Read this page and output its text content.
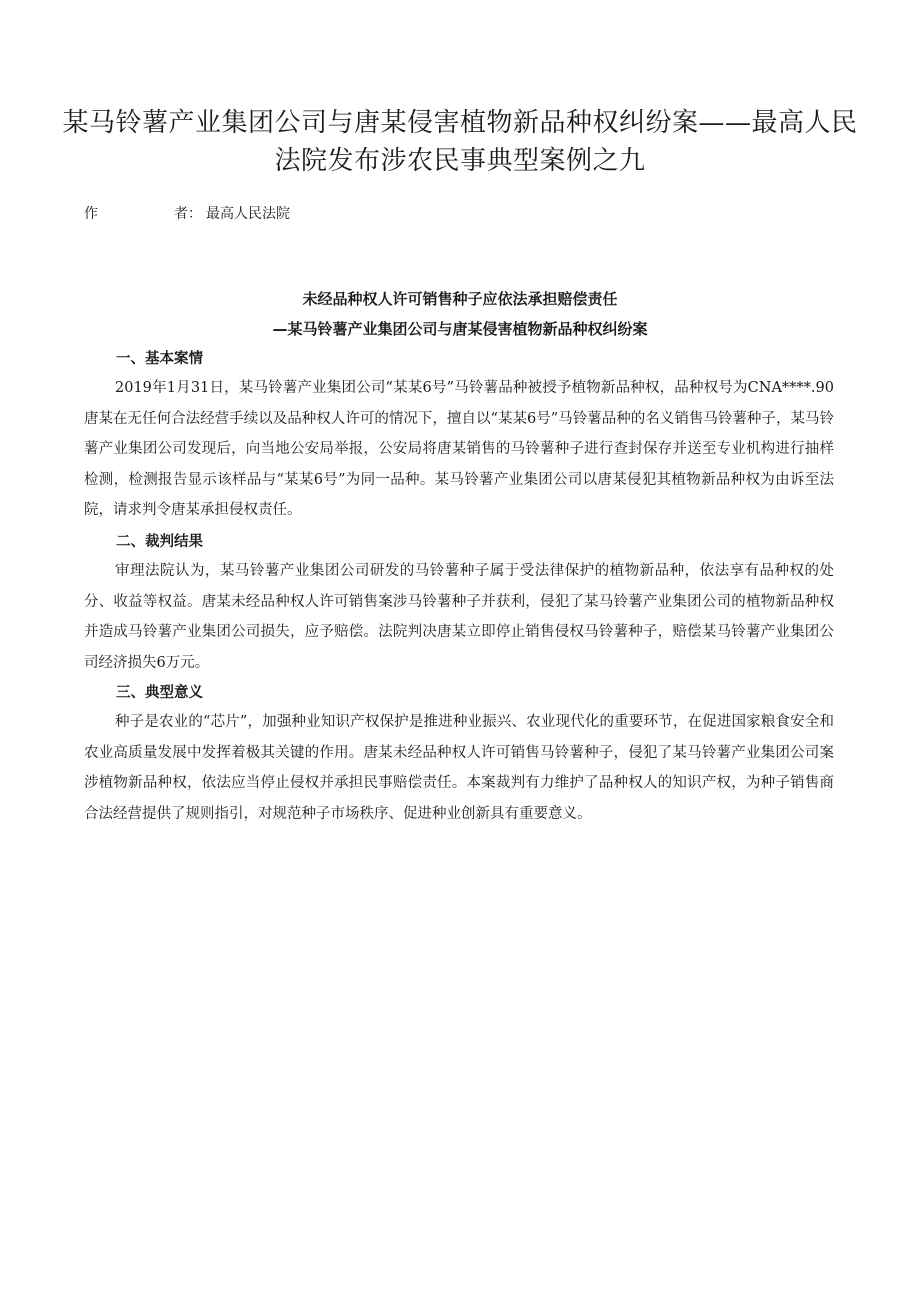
某马铃薯产业集团公司与唐某侵害植物新品种权纠纷案——最高人民法院发布涉农民事典型案例之九
作	者 ： 最高人民法院
未经品种权人许可销售种子应依法承担赔偿责任
—某马铃薯产业集团公司与唐某侵害植物新品种权纠纷案
一、基本案情

2019年1月31日，某马铃薯产业集团公司“某某6号”马铃薯品种被授予植物新品种权，品种权号为CNA****.90唐某在无任何合法经营手续以及品种权人许可的情况下，擅自以“某某6号”马铃薯品种的名义销售马铃薯种子，某马铃薯产业集团公司发现后，向当地公安局举报，公安局将唐某销售的马铃薯种子进行查封保存并送至专业机构进行抽样检测，检测报告显示该样品与“某某6号”为同一品种。某马铃薯产业集团公司以唐某侵犯其植物新品种权为由诉至法院，请求判令唐某承担侵权责任。

二、裁判结果

审理法院认为，某马铃薯产业集团公司研发的马铃薯种子属于受法律保护的植物新品种，依法享有品种权的处分、收益等权益。唐某未经品种权人许可销售案涉马铃薯种子并获利，侵犯了某马铃薯产业集团公司的植物新品种权并造成马铃薯产业集团公司损失，应予赔偿。法院判决唐某立即停止销售侵权马铃薯种子，赔偿某马铃薯产业集团公司经济损失6万元。

三、典型意义

种子是农业的“芯片”，加强种业知识产权保护是推进种业振兴、农业现代化的重要环节，在促进国家粮食安全和农业高质量发展中发挥着极其关键的作用。唐某未经品种权人许可销售马铃薯种子，侵犯了某马铃薯产业集团公司案涉植物新品种权，依法应当停止侵权并承担民事赔偿责任。本案裁判有力维护了品种权人的知识产权，为种子销售商合法经营提供了规则指引，对规范种子市场秩序、促进种业创新具有重要意义。
